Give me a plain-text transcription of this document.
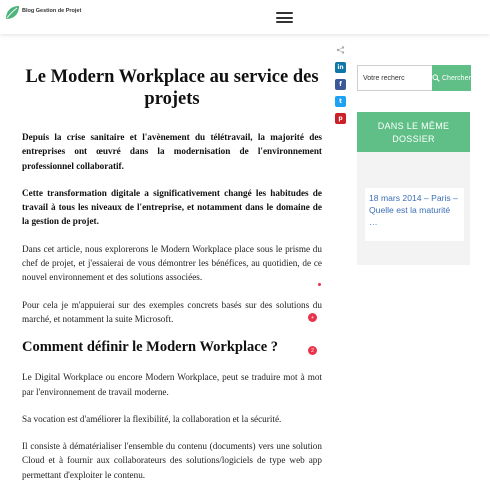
Blog Gestion de Projet
Le Modern Workplace au service des projets

Depuis la crise sanitaire et l'avènement du télétravail, la majorité des entreprises ont œuvré dans la modernisation de l'environnement professionnel collaboratif.

Cette transformation digitale a significativement changé les habitudes de travail à tous les niveaux de l'entreprise, et notamment dans le domaine de la gestion de projet.

Dans cet article, nous explorerons le Modern Workplace place sous le prisme du chef de projet, et j'essaierai de vous démontrer les bénéfices, au quotidien, de ce nouvel environnement et des solutions associées.

Pour cela je m'appuierai sur des exemples concrets basés sur des solutions du marché, et notamment la suite Microsoft.

Comment définir le Modern Workplace ?

Le Digital Workplace ou encore Modern Workplace, peut se traduire mot à mot par l'environnement de travail moderne.

Sa vocation est d'améliorer la flexibilité, la collaboration et la sécurité.

Il consiste à dématérialiser l'ensemble du contenu (documents) vers une solution Cloud et à fournir aux collaborateurs des solutions/logiciels de type web app permettant d'exploiter le contenu.

in
f
t
p
+
2
Votre recherc
Chercher
DANS LE MÊME DOSSIER
18 mars 2014 – Paris – Quelle est la maturité …
